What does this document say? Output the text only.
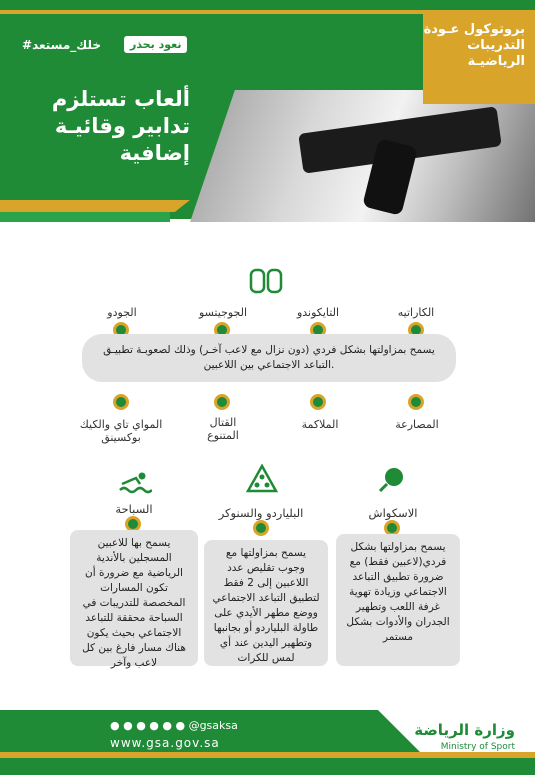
بروتوكول عـودة التدريبات الرياضيـة
نعود بحذر
#خلك_مستعد
ألعاب تستلزم تدابير وقائيـة إضافية
الكاراتيه
التايكوندو
الجوجيتسو
الجودو
يسمح بمزاولتها بشكل فردي (دون نزال مع لاعب آخـر) وذلك لصعوبـة تطبيـق التباعد الاجتماعي بين اللاعبين.
المصارعة
الملاكمة
القتال المتنوع
المواي تاي والكيك بوكسينق
الاسكواش
البلياردو والسنوكر
السباحة
يسمح بمزاولتها بشكل فردي(لاعبين فقط) مع ضرورة تطبيق التباعد الاجتماعي وزيادة تهوية غرفة اللعب وتطهير الجدران والأدوات بشكل مستمر
يسمح بمزاولتها مع وجوب تقليص عدد اللاعبين إلى 2 فقط لتطبيق التباعد الاجتماعي ووضع مطهر الأيدي على طاولة البلياردو أو بجانبها وتطهير اليدين عند أي لمس للكرات
يسمح بها للاعبين المسجلين بالأندية الرياضية مع ضرورة أن تكون المسارات المخصصة للتدريبات في السباحة محققة للتباعد الاجتماعي بحيث يكون هناك مسار فارغ بين كل لاعب وآخر
● ● ● ● ● ● @gsaksa
www.gsa.gov.sa	✿ وزارة الرياضة
Ministry of Sport
